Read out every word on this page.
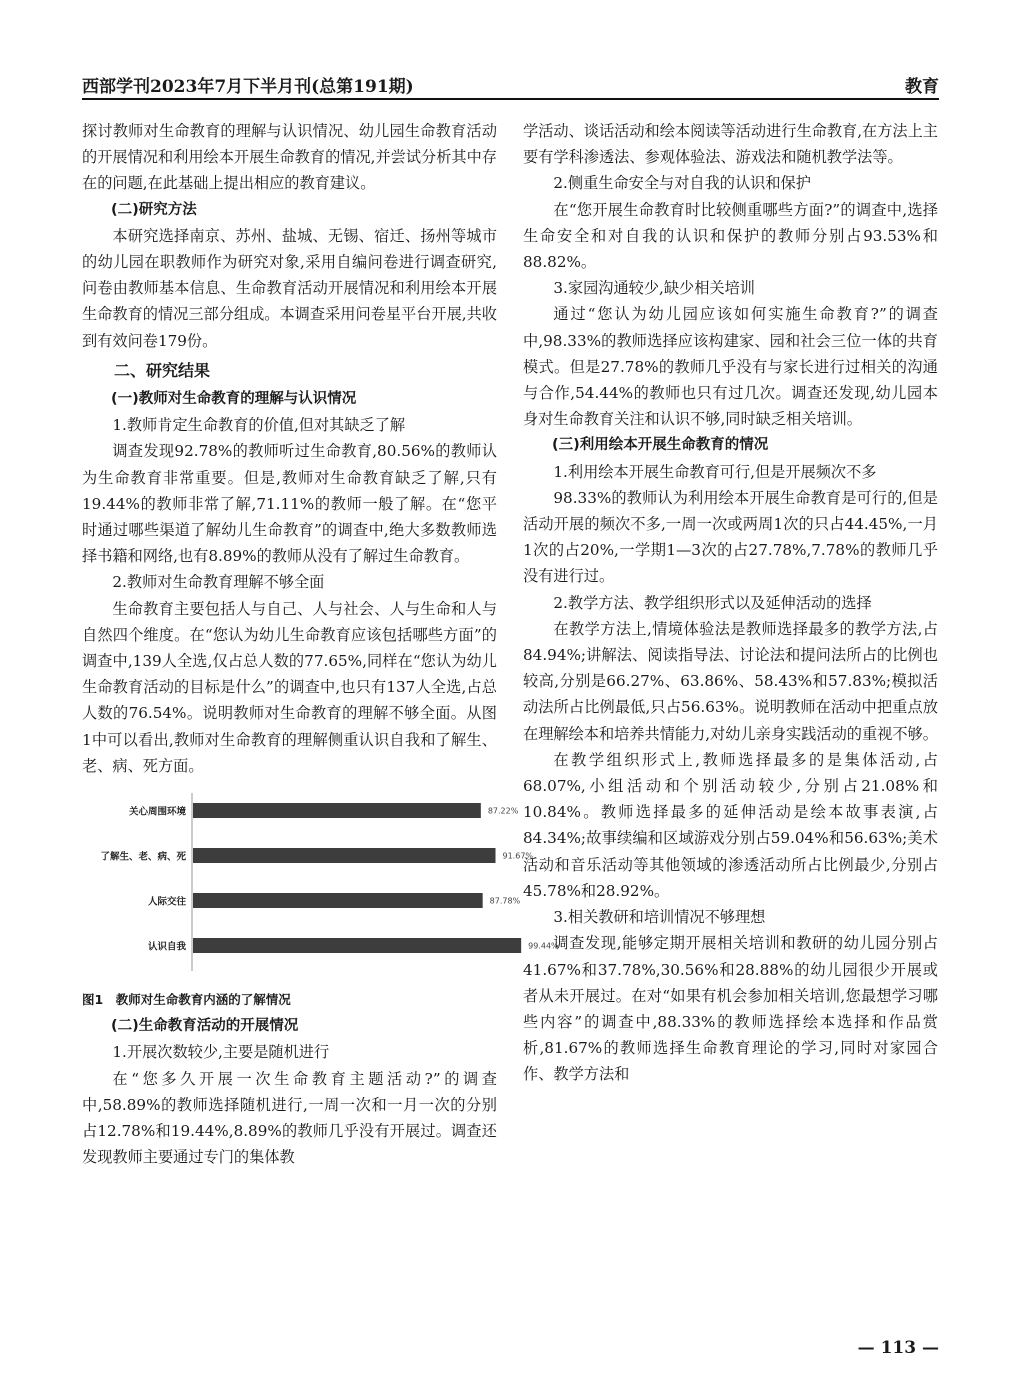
西部学刊2023年7月下半月刊(总第191期)	教育

探讨教师对生命教育的理解与认识情况、幼儿园生命教育活动的开展情况和利用绘本开展生命教育的情况,并尝试分析其中存在的问题,在此基础上提出相应的教育建议。

(二)研究方法

本研究选择南京、苏州、盐城、无锡、宿迁、扬州等城市的幼儿园在职教师作为研究对象,采用自编问卷进行调查研究,问卷由教师基本信息、生命教育活动开展情况和利用绘本开展生命教育的情况三部分组成。本调查采用问卷星平台开展,共收到有效问卷179份。

二、研究结果

(一)教师对生命教育的理解与认识情况

1.教师肯定生命教育的价值,但对其缺乏了解

调查发现92.78%的教师听过生命教育,80.56%的教师认为生命教育非常重要。但是,教师对生命教育缺乏了解,只有19.44%的教师非常了解,71.11%的教师一般了解。在“您平时通过哪些渠道了解幼儿生命教育”的调查中,绝大多数教师选择书籍和网络,也有8.89%的教师从没有了解过生命教育。

2.教师对生命教育理解不够全面

生命教育主要包括人与自己、人与社会、人与生命和人与自然四个维度。在“您认为幼儿生命教育应该包括哪些方面”的调查中,139人全选,仅占总人数的77.65%,同样在“您认为幼儿生命教育活动的目标是什么”的调查中,也只有137人全选,占总人数的76.54%。说明教师对生命教育的理解不够全面。从图1中可以看出,教师对生命教育的理解侧重认识自我和了解生、老、病、死方面。

关心周围环境	87.22%
了解生、老、病、死	91.67%
人际交往	87.78%
认识自我	99.44%

图1　教师对生命教育内涵的了解情况

(二)生命教育活动的开展情况

1.开展次数较少,主要是随机进行

在“您多久开展一次生命教育主题活动?”的调查中,58.89%的教师选择随机进行,一周一次和一月一次的分别占12.78%和19.44%,8.89%的教师几乎没有开展过。调查还发现教师主要通过专门的集体教

学活动、谈话活动和绘本阅读等活动进行生命教育,在方法上主要有学科渗透法、参观体验法、游戏法和随机教学法等。

2.侧重生命安全与对自我的认识和保护

在“您开展生命教育时比较侧重哪些方面?”的调查中,选择生命安全和对自我的认识和保护的教师分别占93.53%和88.82%。

3.家园沟通较少,缺少相关培训

通过“您认为幼儿园应该如何实施生命教育?”的调查中,98.33%的教师选择应该构建家、园和社会三位一体的共育模式。但是27.78%的教师几乎没有与家长进行过相关的沟通与合作,54.44%的教师也只有过几次。调查还发现,幼儿园本身对生命教育关注和认识不够,同时缺乏相关培训。

(三)利用绘本开展生命教育的情况

1.利用绘本开展生命教育可行,但是开展频次不多

98.33%的教师认为利用绘本开展生命教育是可行的,但是活动开展的频次不多,一周一次或两周1次的只占44.45%,一月1次的占20%,一学期1—3次的占27.78%,7.78%的教师几乎没有进行过。

2.教学方法、教学组织形式以及延伸活动的选择

在教学方法上,情境体验法是教师选择最多的教学方法,占84.94%;讲解法、阅读指导法、讨论法和提问法所占的比例也较高,分别是66.27%、63.86%、58.43%和57.83%;模拟活动法所占比例最低,只占56.63%。说明教师在活动中把重点放在理解绘本和培养共情能力,对幼儿亲身实践活动的重视不够。

在教学组织形式上,教师选择最多的是集体活动,占68.07%,小组活动和个别活动较少,分别占21.08%和10.84%。教师选择最多的延伸活动是绘本故事表演,占84.34%;故事续编和区域游戏分别占59.04%和56.63%;美术活动和音乐活动等其他领域的渗透活动所占比例最少,分别占45.78%和28.92%。

3.相关教研和培训情况不够理想

调查发现,能够定期开展相关培训和教研的幼儿园分别占41.67%和37.78%,30.56%和28.88%的幼儿园很少开展或者从未开展过。在对“如果有机会参加相关培训,您最想学习哪些内容”的调查中,88.33%的教师选择绘本选择和作品赏析,81.67%的教师选择生命教育理论的学习,同时对家园合作、教学方法和

— 113 —
